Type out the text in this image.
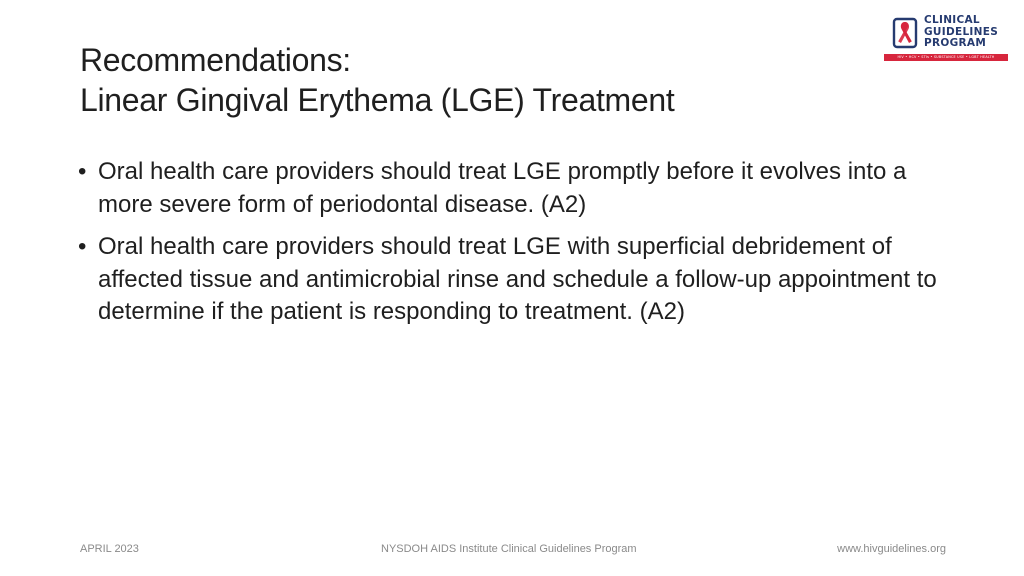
Recommendations:
Linear Gingival Erythema (LGE) Treatment
CLINICAL
GUIDELINES
PROGRAM
HIV • HCV • STIs • SUBSTANCE USE • LGBT HEALTH
• Oral health care providers should treat LGE promptly before it evolves into a more severe form of periodontal disease. (A2)
• Oral health care providers should treat LGE with superficial debridement of affected tissue and antimicrobial rinse and schedule a follow-up appointment to determine if the patient is responding to treatment. (A2)
APRIL 2023	NYSDOH AIDS Institute Clinical Guidelines Program	www.hivguidelines.org
